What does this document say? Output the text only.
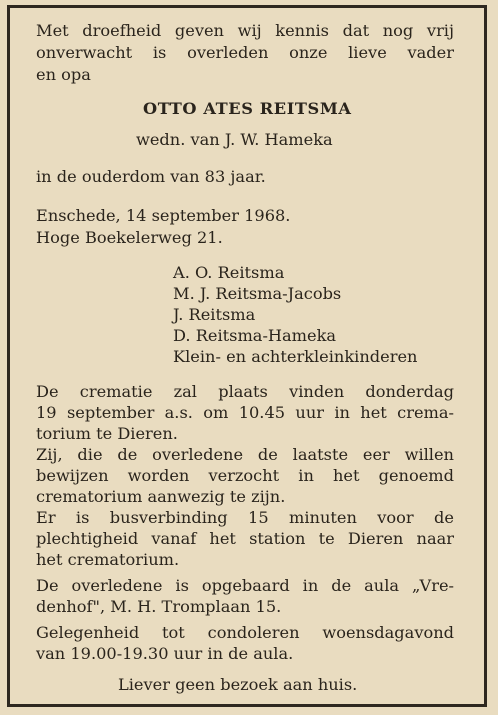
Met droefheid geven wij kennis dat nog vrij
onverwacht is overleden onze lieve vader
en opa
OTTO ATES REITSMA
wedn. van J. W. Hameka
in de ouderdom van 83 jaar.
Enschede, 14 september 1968.
Hoge Boekelerweg 21.
A. O. Reitsma
M. J. Reitsma-Jacobs
J. Reitsma
D. Reitsma-Hameka
Klein- en achterkleinkinderen
De crematie zal plaats vinden donderdag
19 september a.s. om 10.45 uur in het crema-
torium te Dieren.
Zij, die de overledene de laatste eer willen
bewijzen worden verzocht in het genoemd
crematorium aanwezig te zijn.
Er is busverbinding 15 minuten voor de
plechtigheid vanaf het station te Dieren naar
het crematorium.
De overledene is opgebaard in de aula „Vre-
denhof", M. H. Tromplaan 15.
Gelegenheid tot condoleren woensdagavond
van 19.00-19.30 uur in de aula.
Liever geen bezoek aan huis.
